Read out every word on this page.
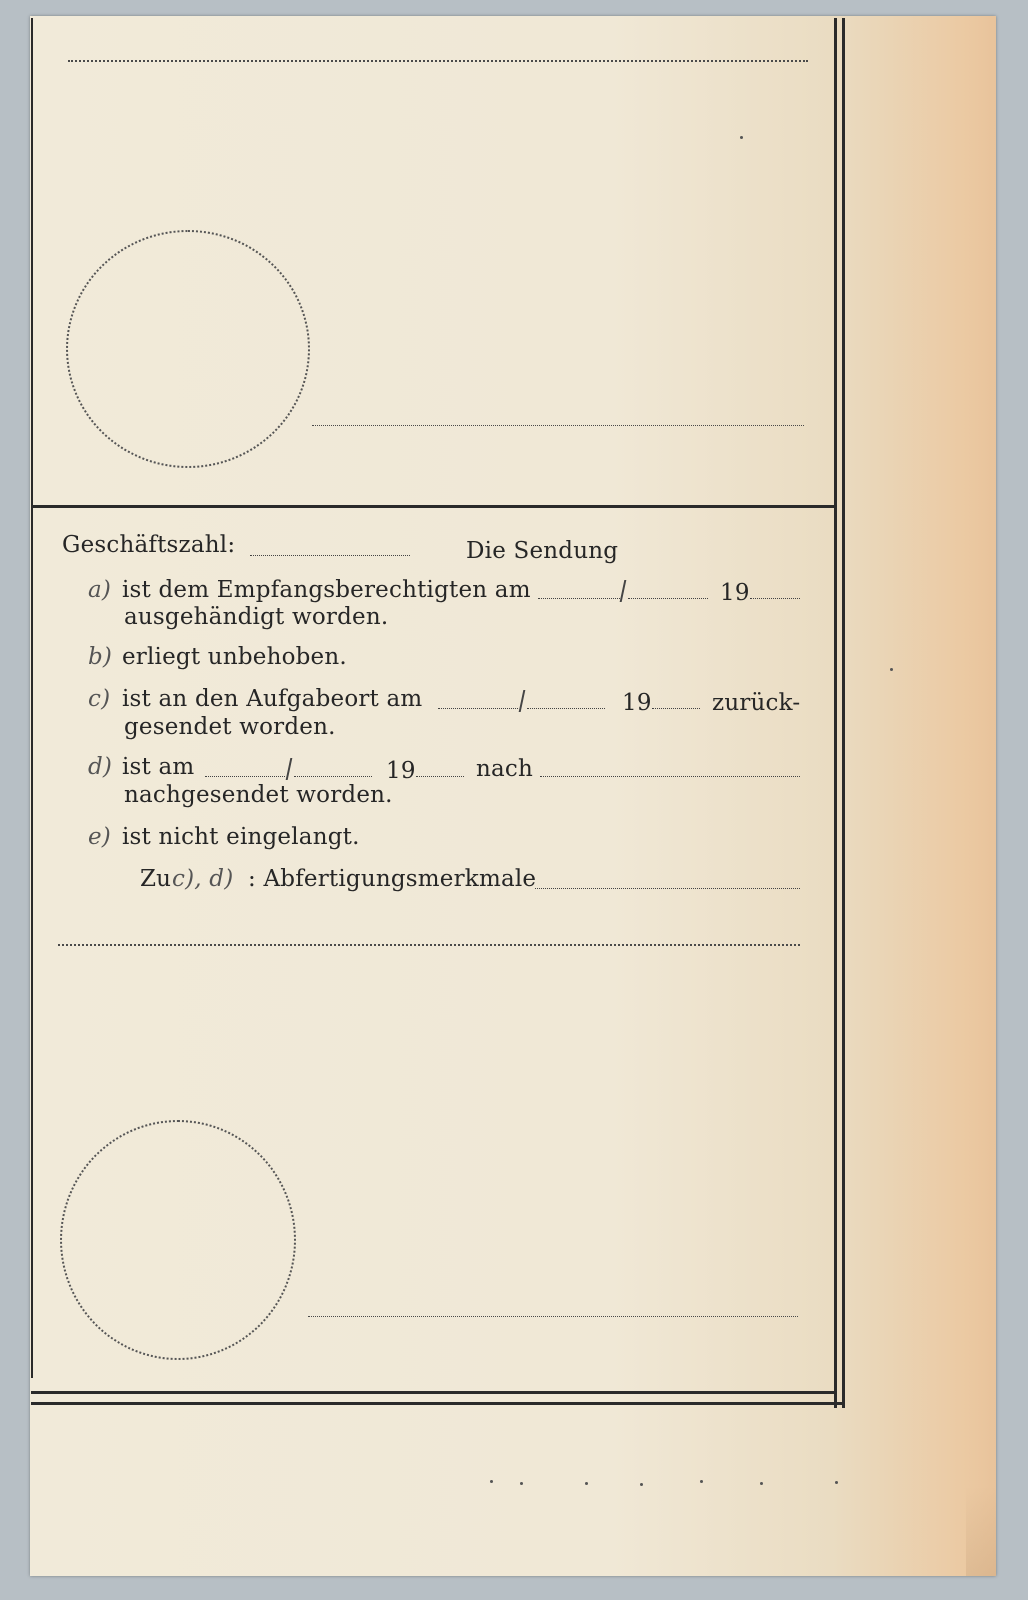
Geschäftszahl:	Die Sendung
a) ist dem Empfangsberechtigten am	19
ausgehändigt worden.
b) erliegt unbehoben.
c) ist an den Aufgabeort am	19	zurück-
gesendet worden.
d) ist am	19	nach
nachgesendet worden.
e) ist nicht eingelangt.
Zu c), d) : Abfertigungsmerkmale
